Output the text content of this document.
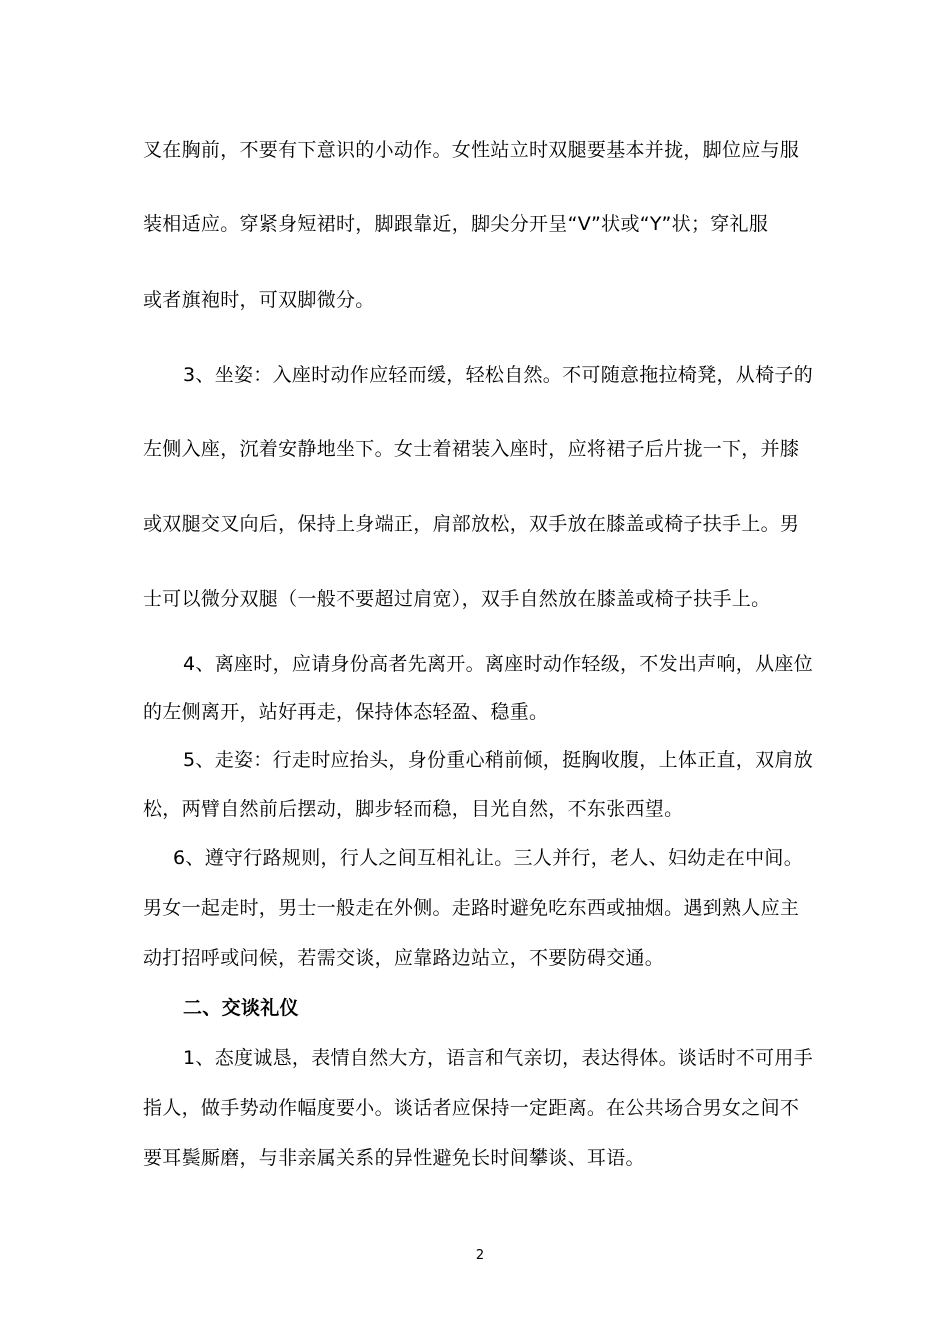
叉在胸前，不要有下意识的小动作。女性站立时双腿要基本并拢，脚位应与服
装相适应。穿紧身短裙时，脚跟靠近，脚尖分开呈“V”状或“Y”状；穿礼服
或者旗袍时，可双脚微分。
3、坐姿：入座时动作应轻而缓，轻松自然。不可随意拖拉椅凳，从椅子的
左侧入座，沉着安静地坐下。女士着裙装入座时，应将裙子后片拢一下，并膝
或双腿交叉向后，保持上身端正，肩部放松，双手放在膝盖或椅子扶手上。男
士可以微分双腿（一般不要超过肩宽），双手自然放在膝盖或椅子扶手上。
4、离座时，应请身份高者先离开。离座时动作轻级，不发出声响，从座位
的左侧离开，站好再走，保持体态轻盈、稳重。
5、走姿：行走时应抬头，身份重心稍前倾，挺胸收腹，上体正直，双肩放
松，两臂自然前后摆动，脚步轻而稳，目光自然，不东张西望。
6、遵守行路规则，行人之间互相礼让。三人并行，老人、妇幼走在中间。
男女一起走时，男士一般走在外侧。走路时避免吃东西或抽烟。遇到熟人应主
动打招呼或问候，若需交谈，应靠路边站立，不要防碍交通。
二、交谈礼仪
1、态度诚恳，表情自然大方，语言和气亲切，表达得体。谈话时不可用手
指人，做手势动作幅度要小。谈话者应保持一定距离。在公共场合男女之间不
要耳鬓厮磨，与非亲属关系的异性避免长时间攀谈、耳语。
2
